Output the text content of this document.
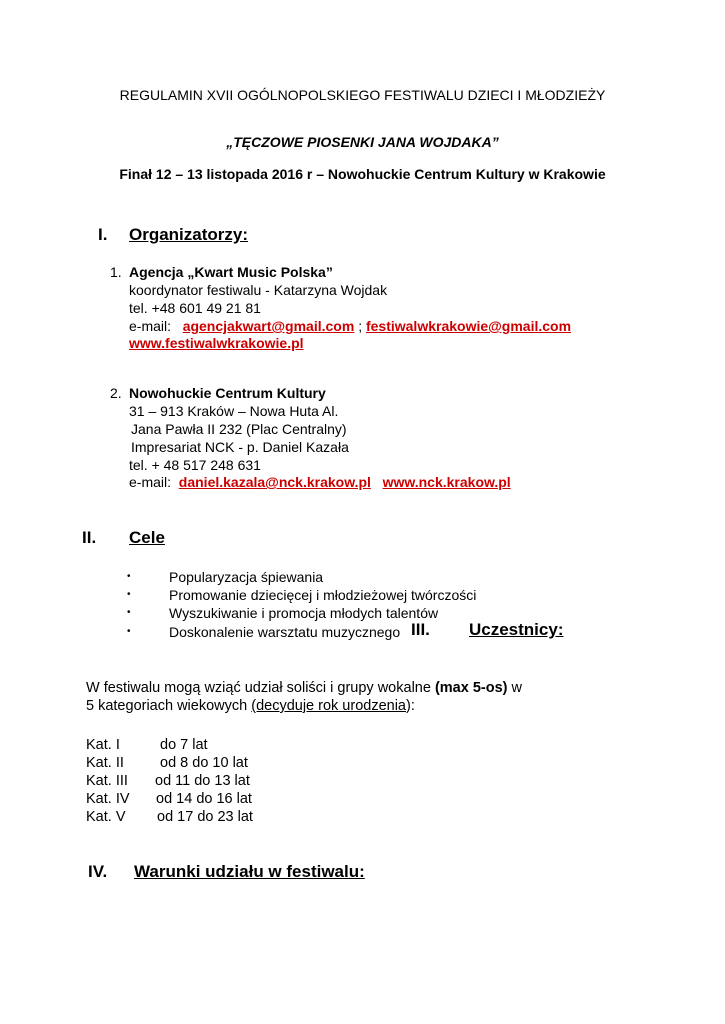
REGULAMIN XVII OGÓLNOPOLSKIEGO FESTIWALU DZIECI I MŁODZIEŻY
„TĘCZOWE PIOSENKI JANA WOJDAKA”
Finał 12 – 13 listopada 2016 r – Nowohuckie Centrum Kultury w Krakowie
I. Organizatorzy:
1. Agencja „Kwart Music Polska”
koordynator festiwalu - Katarzyna Wojdak
tel. +48 601 49 21 81
e-mail: agencjakwart@gmail.com ; festiwalwkrakowie@gmail.com
www.festiwalwkrakowie.pl
2. Nowohuckie Centrum Kultury
31 – 913 Kraków – Nowa Huta Al.
Jana Pawła II 232 (Plac Centralny)
Impresariat NCK - p. Daniel Kazała
tel. + 48 517 248 631
e-mail: daniel.kazala@nck.krakow.pl www.nck.krakow.pl
II. Cele
•	Popularyzacja śpiewania
•	Promowanie dziecięcej i młodzieżowej twórczości
•	Wyszukiwanie i promocja młodych talentów
•	Doskonalenie warsztatu muzycznego III. Uczestnicy:
W festiwalu mogą wziąć udział soliści i grupy wokalne (max 5-os) w
5 kategoriach wiekowych (decyduje rok urodzenia):
Kat. I	do 7 lat
Kat. II od 8 do 10 lat
Kat. III od 11 do 13 lat
Kat. IV od 14 do 16 lat
Kat. V od 17 do 23 lat
IV. Warunki udziału w festiwalu:
